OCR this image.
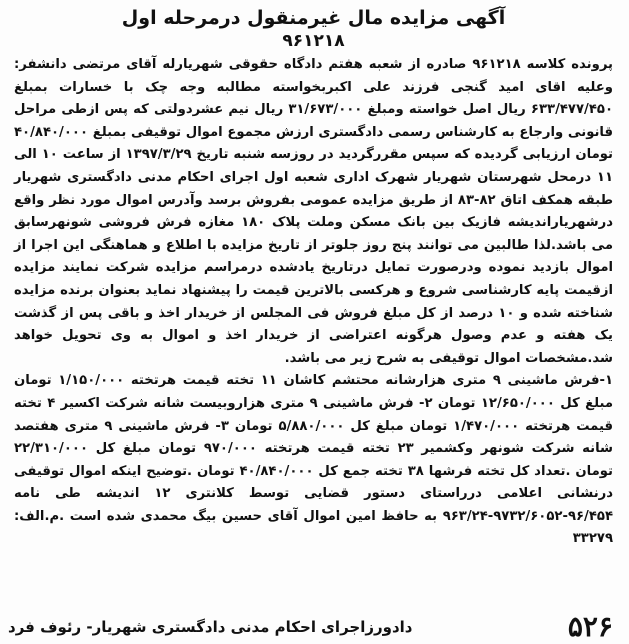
آگهی مزایده مال غیرمنقول درمرحله اول
۹۶۱۲۱۸

پرونده کلاسه ۹۶۱۲۱۸ صادره از شعبه هفتم دادگاه حقوقی شهریارله آقای مرتضی دانشفر: وعلیه اقای امید گنجی فرزند علی اکبربخواسته مطالبه وجه چک با خسارات بمبلغ ۶۳۳/۴۷۷/۴۵۰ ریال اصل خواسته ومبلغ ۳۱/۶۷۳/۰۰۰ ریال نیم عشردولتی که پس ازطی مراحل قانونی وارجاع به کارشناس رسمی دادگستری ارزش مجموع اموال توقیفی بمبلغ ۴۰/۸۴۰/۰۰۰ تومان ارزیابی گردیده که سپس مقررگردید در روزسه شنبه تاریخ ۱۳۹۷/۳/۲۹ از ساعت ۱۰ الی ۱۱ درمحل شهرستان شهریار شهرک اداری شعبه اول اجرای احکام مدنی دادگستری شهریار طبقه همکف اتاق ۸۲-۸۳ از طریق مزایده عمومی بفروش برسد وآدرس اموال مورد نظر واقع درشهریاراندیشه فازیک بین بانک مسکن وملت پلاک ۱۸۰ مغازه فرش فروشی شونهرسابق می باشد.لذا طالبین می توانند پنج روز جلوتر از تاریخ مزایده با اطلاع و هماهنگی این اجرا از اموال بازدید نموده ودرصورت تمایل درتاریخ یادشده درمراسم مزایده شرکت نمایند مزایده ازقیمت پایه کارشناسی شروع و هرکسی بالاترین قیمت را پیشنهاد نماید بعنوان برنده مزایده شناخته شده و ۱۰ درصد از کل مبلغ فروش فی المجلس از خریدار اخذ و باقی پس از گذشت یک هفته و عدم وصول هرگونه اعتراضی از خریدار اخذ و اموال به وی تحویل خواهد شد.مشخصات اموال توقیفی به شرح زیر می باشد.

۱-فرش ماشینی ۹ متری هزارشانه محتشم کاشان ۱۱ تخته قیمت هرتخته ۱/۱۵۰/۰۰۰ تومان مبلغ کل ۱۲/۶۵۰/۰۰۰ تومان ۲- فرش ماشینی ۹ متری هزاروبیست شانه شرکت اکسیر ۴ تخته قیمت هرتخته ۱/۴۷۰/۰۰۰ تومان مبلغ کل ۵/۸۸۰/۰۰۰ تومان ۳- فرش ماشینی ۹ متری هفتصد شانه شرکت شونهر وکشمیر ۲۳ تخته قیمت هرتخته ۹۷۰/۰۰۰ تومان مبلغ کل ۲۲/۳۱۰/۰۰۰ تومان .تعداد کل تخته فرشها ۳۸ تخته جمع کل ۴۰/۸۴۰/۰۰۰ تومان .توضیح اینکه اموال توقیفی درنشانی اعلامی درراستای دستور قضایی توسط کلانتری ۱۲ اندیشه طی نامه ۹۶/۴۵۴-۹۷۳۲/۶۰۵۲-۹۶۳/۲۴ به حافظ امین اموال آقای حسین بیگ محمدی شده است .م.الف: ۳۳۲۷۹

۵۲۶
دادورزاجرای احکام مدنی دادگستری شهریار- رئوف فرد
